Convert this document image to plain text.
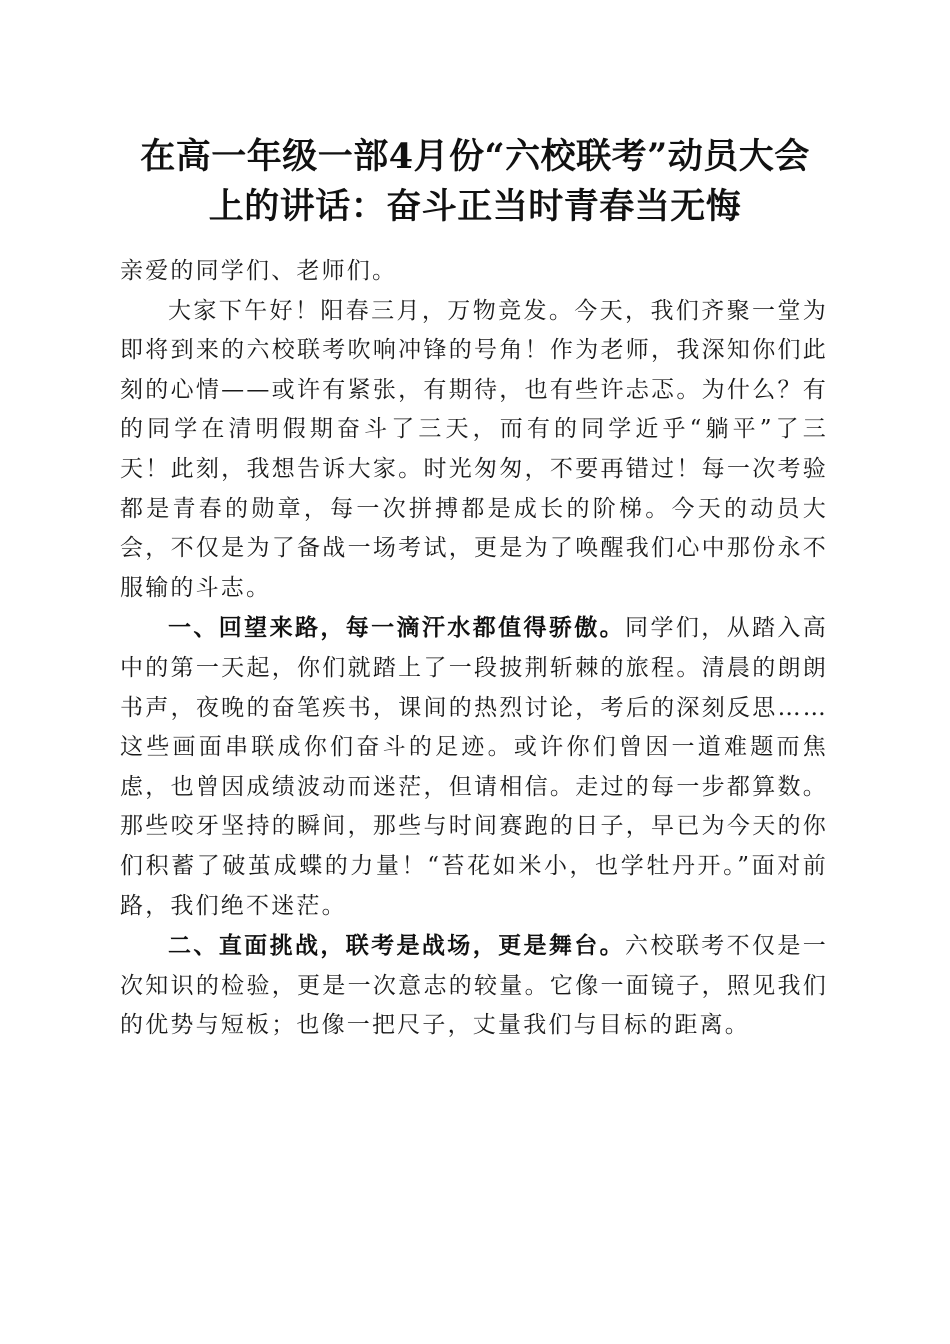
在高一年级一部4月份“六校联考”动员大会
上的讲话：奋斗正当时青春当无悔

亲爱的同学们、老师们。

大家下午好！阳春三月，万物竞发。今天，我们齐聚一堂为即将到来的六校联考吹响冲锋的号角！作为老师，我深知你们此刻的心情——或许有紧张，有期待，也有些许忐忑。为什么？有的同学在清明假期奋斗了三天，而有的同学近乎“躺平”了三天！此刻，我想告诉大家。时光匆匆，不要再错过！每一次考验都是青春的勋章，每一次拼搏都是成长的阶梯。今天的动员大会，不仅是为了备战一场考试，更是为了唤醒我们心中那份永不服输的斗志。

一、回望来路，每一滴汗水都值得骄傲。同学们，从踏入高中的第一天起，你们就踏上了一段披荆斩棘的旅程。清晨的朗朗书声，夜晚的奋笔疾书，课间的热烈讨论，考后的深刻反思……这些画面串联成你们奋斗的足迹。或许你们曾因一道难题而焦虑，也曾因成绩波动而迷茫，但请相信。走过的每一步都算数。那些咬牙坚持的瞬间，那些与时间赛跑的日子，早已为今天的你们积蓄了破茧成蝶的力量！“苔花如米小，也学牡丹开。”面对前路，我们绝不迷茫。

二、直面挑战，联考是战场，更是舞台。六校联考不仅是一次知识的检验，更是一次意志的较量。它像一面镜子，照见我们的优势与短板；也像一把尺子，丈量我们与目标的距离。
